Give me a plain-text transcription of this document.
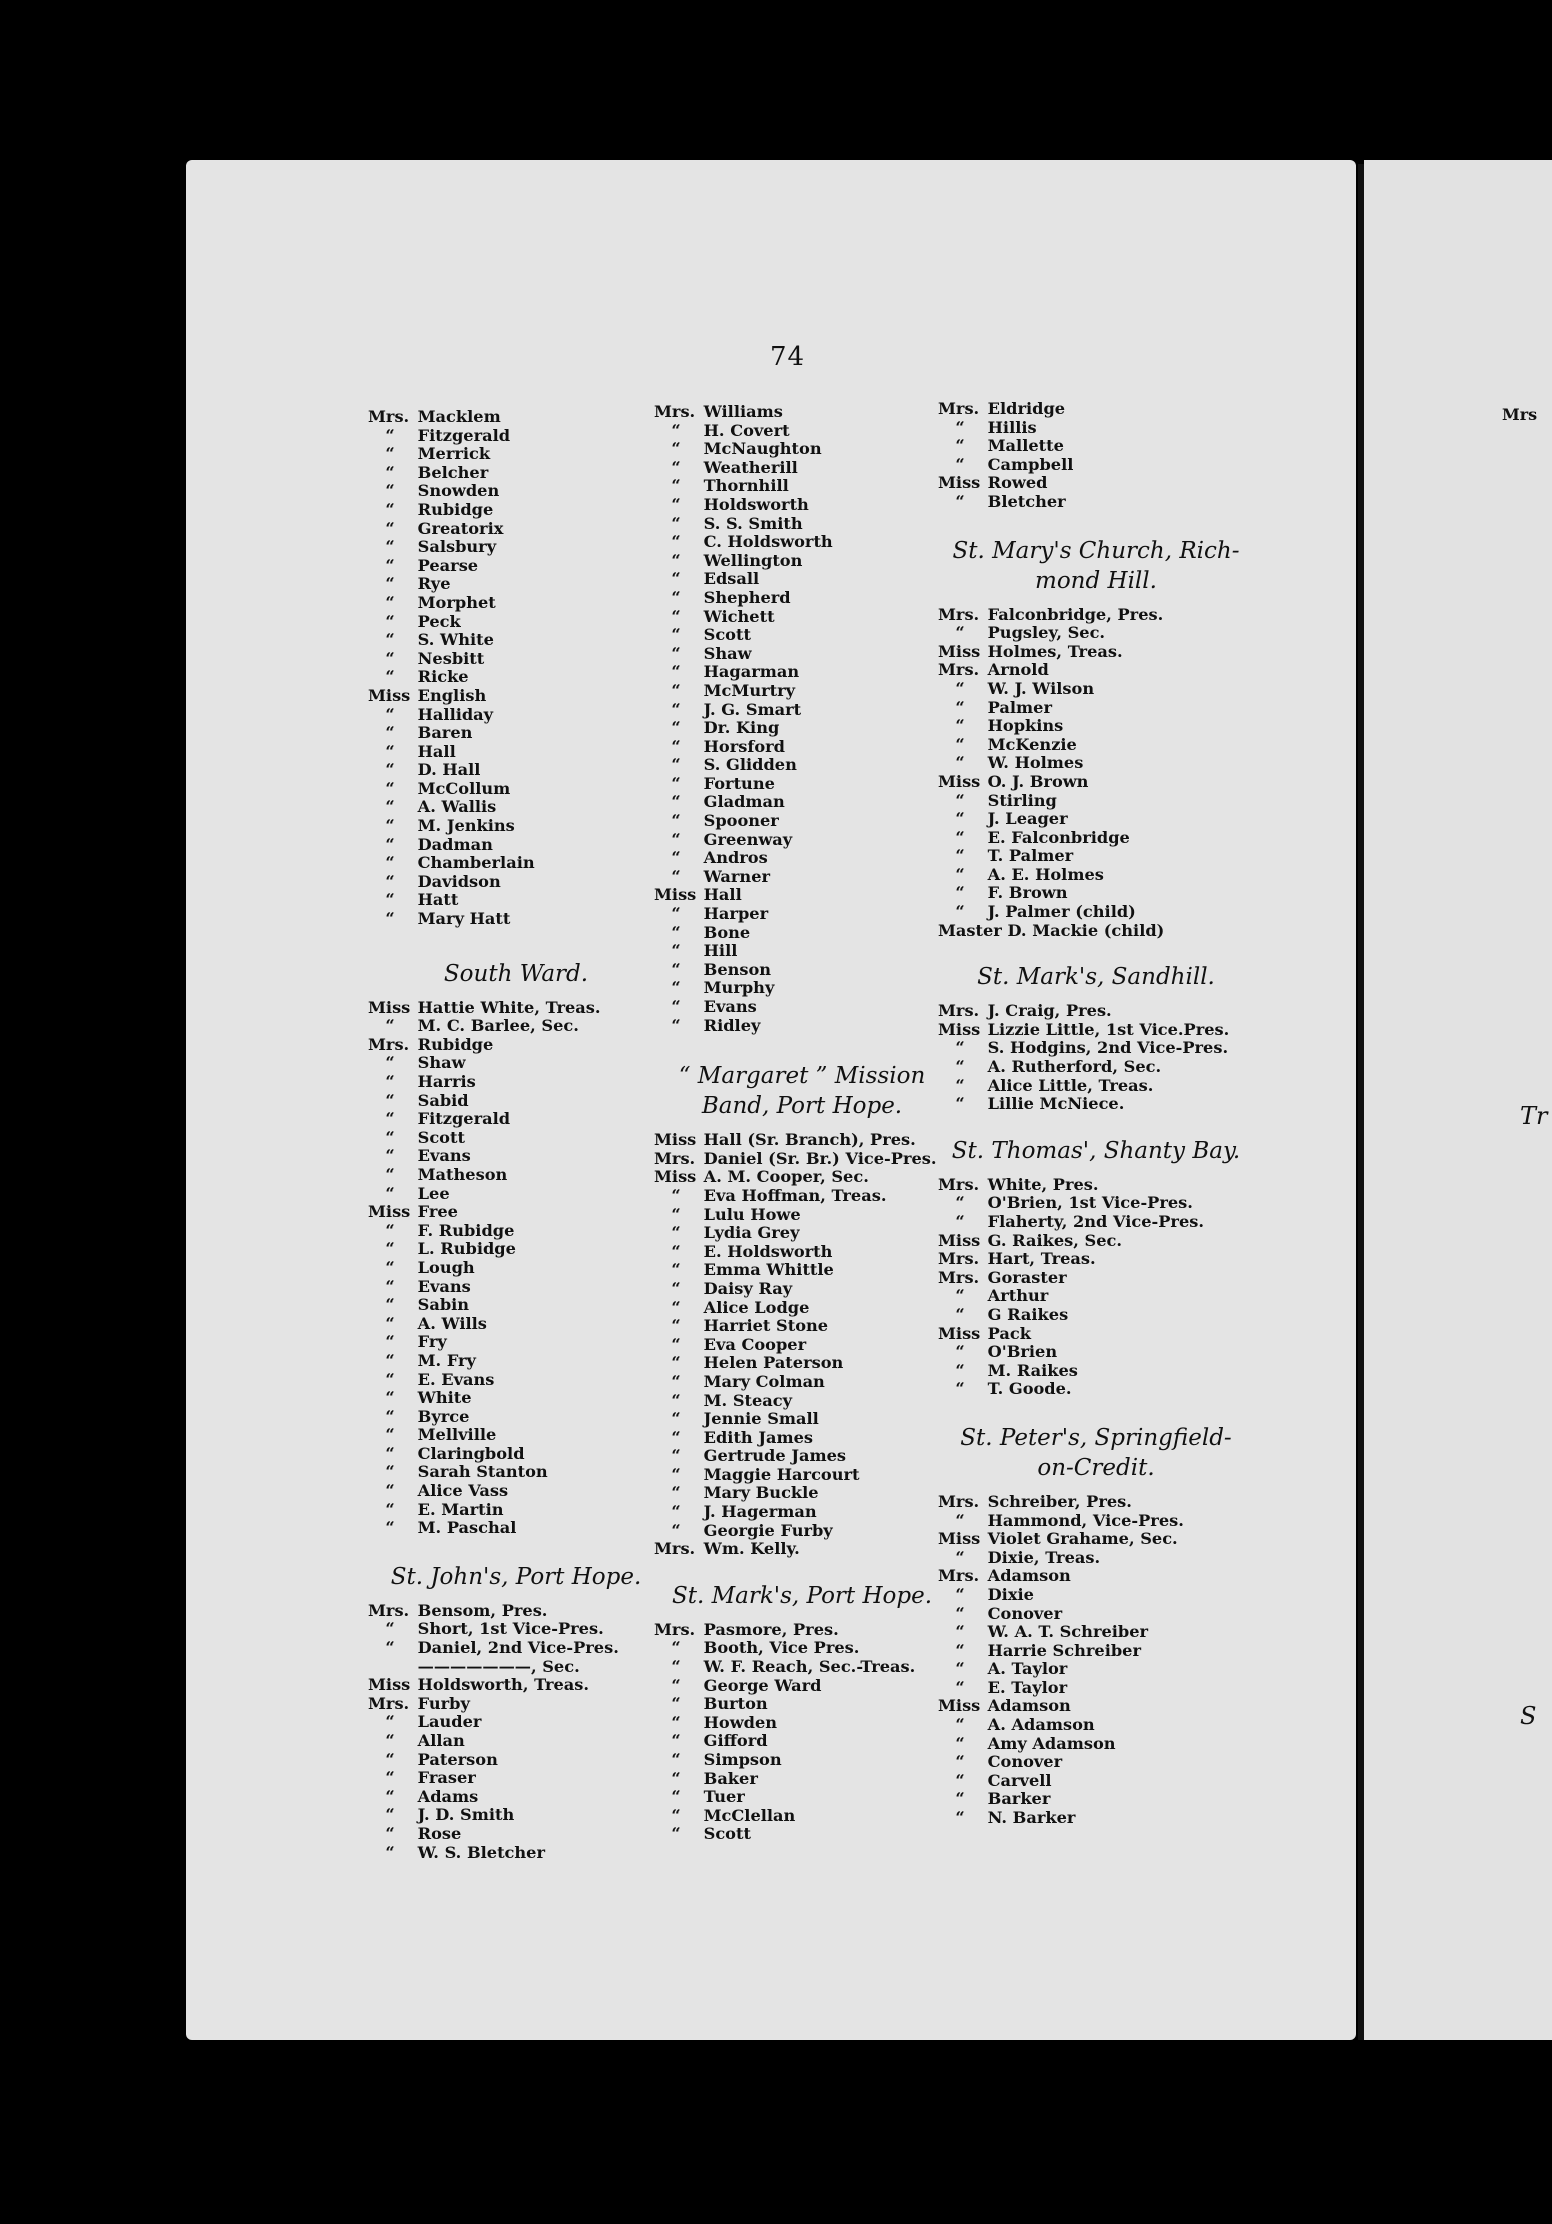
74
Mrs. Macklem
“ Fitzgerald
“ Merrick
“ Belcher
“ Snowden
“ Rubidge
“ Greatorix
“ Salsbury
“ Pearse
“ Rye
“ Morphet
“ Peck
“ S. White
“ Nesbitt
“ Ricke
Miss English
“ Halliday
“ Baren
“ Hall
“ D. Hall
“ McCollum
“ A. Wallis
“ M. Jenkins
“ Dadman
“ Chamberlain
“ Davidson
“ Hatt
“ Mary Hatt
South Ward.
Miss Hattie White, Treas.
“ M. C. Barlee, Sec.
Mrs. Rubidge
“ Shaw
“ Harris
“ Sabid
“ Fitzgerald
“ Scott
“ Evans
“ Matheson
“ Lee
Miss Free
“ F. Rubidge
“ L. Rubidge
“ Lough
“ Evans
“ Sabin
“ A. Wills
“ Fry
“ M. Fry
“ E. Evans
“ White
“ Byrce
“ Mellville
“ Claringbold
“ Sarah Stanton
“ Alice Vass
“ E. Martin
“ M. Paschal
St. John's, Port Hope.
Mrs. Bensom, Pres.
“ Short, 1st Vice-Pres.
“ Daniel, 2nd Vice-Pres.
———————, Sec.
Miss Holdsworth, Treas.
Mrs. Furby
“ Lauder
“ Allan
“ Paterson
“ Fraser
“ Adams
“ J. D. Smith
“ Rose
“ W. S. Bletcher
Mrs. Williams
“ H. Covert
“ McNaughton
“ Weatherill
“ Thornhill
“ Holdsworth
“ S. S. Smith
“ C. Holdsworth
“ Wellington
“ Edsall
“ Shepherd
“ Wichett
“ Scott
“ Shaw
“ Hagarman
“ McMurtry
“ J. G. Smart
“ Dr. King
“ Horsford
“ S. Glidden
“ Fortune
“ Gladman
“ Spooner
“ Greenway
“ Andros
“ Warner
Miss Hall
“ Harper
“ Bone
“ Hill
“ Benson
“ Murphy
“ Evans
“ Ridley
“ Margaret ” Mission
Band, Port Hope.
Miss Hall (Sr. Branch), Pres.
Mrs. Daniel (Sr. Br.) Vice-Pres.
Miss A. M. Cooper, Sec.
“ Eva Hoffman, Treas.
“ Lulu Howe
“ Lydia Grey
“ E. Holdsworth
“ Emma Whittle
“ Daisy Ray
“ Alice Lodge
“ Harriet Stone
“ Eva Cooper
“ Helen Paterson
“ Mary Colman
“ M. Steacy
“ Jennie Small
“ Edith James
“ Gertrude James
“ Maggie Harcourt
“ Mary Buckle
“ J. Hagerman
“ Georgie Furby
Mrs. Wm. Kelly.
St. Mark's, Port Hope.
Mrs. Pasmore, Pres.
“ Booth, Vice Pres.
“ W. F. Reach, Sec.-Treas.
“ George Ward
“ Burton
“ Howden
“ Gifford
“ Simpson
“ Baker
“ Tuer
“ McClellan
“ Scott
Mrs. Eldridge
“ Hillis
“ Mallette
“ Campbell
Miss Rowed
“ Bletcher
St. Mary's Church, Rich-
mond Hill.
Mrs. Falconbridge, Pres.
“ Pugsley, Sec.
Miss Holmes, Treas.
Mrs. Arnold
“ W. J. Wilson
“ Palmer
“ Hopkins
“ McKenzie
“ W. Holmes
Miss O. J. Brown
“ Stirling
“ J. Leager
“ E. Falconbridge
“ T. Palmer
“ A. E. Holmes
“ F. Brown
“ J. Palmer (child)
Master D. Mackie (child)
St. Mark's, Sandhill.
Mrs. J. Craig, Pres.
Miss Lizzie Little, 1st Vice.Pres.
“ S. Hodgins, 2nd Vice-Pres.
“ A. Rutherford, Sec.
“ Alice Little, Treas.
“ Lillie McNiece.
St. Thomas', Shanty Bay.
Mrs. White, Pres.
“ O'Brien, 1st Vice-Pres.
“ Flaherty, 2nd Vice-Pres.
Miss G. Raikes, Sec.
Mrs. Hart, Treas.
Mrs. Goraster
“ Arthur
“ G Raikes
Miss Pack
“ O'Brien
“ M. Raikes
“ T. Goode.
St. Peter's, Springfield-
on-Credit.
Mrs. Schreiber, Pres.
“ Hammond, Vice-Pres.
Miss Violet Grahame, Sec.
“ Dixie, Treas.
Mrs. Adamson
“ Dixie
“ Conover
“ W. A. T. Schreiber
“ Harrie Schreiber
“ A. Taylor
“ E. Taylor
Miss Adamson
“ A. Adamson
“ Amy Adamson
“ Conover
“ Carvell
“ Barker
“ N. Barker
Mrs
Tr
S
